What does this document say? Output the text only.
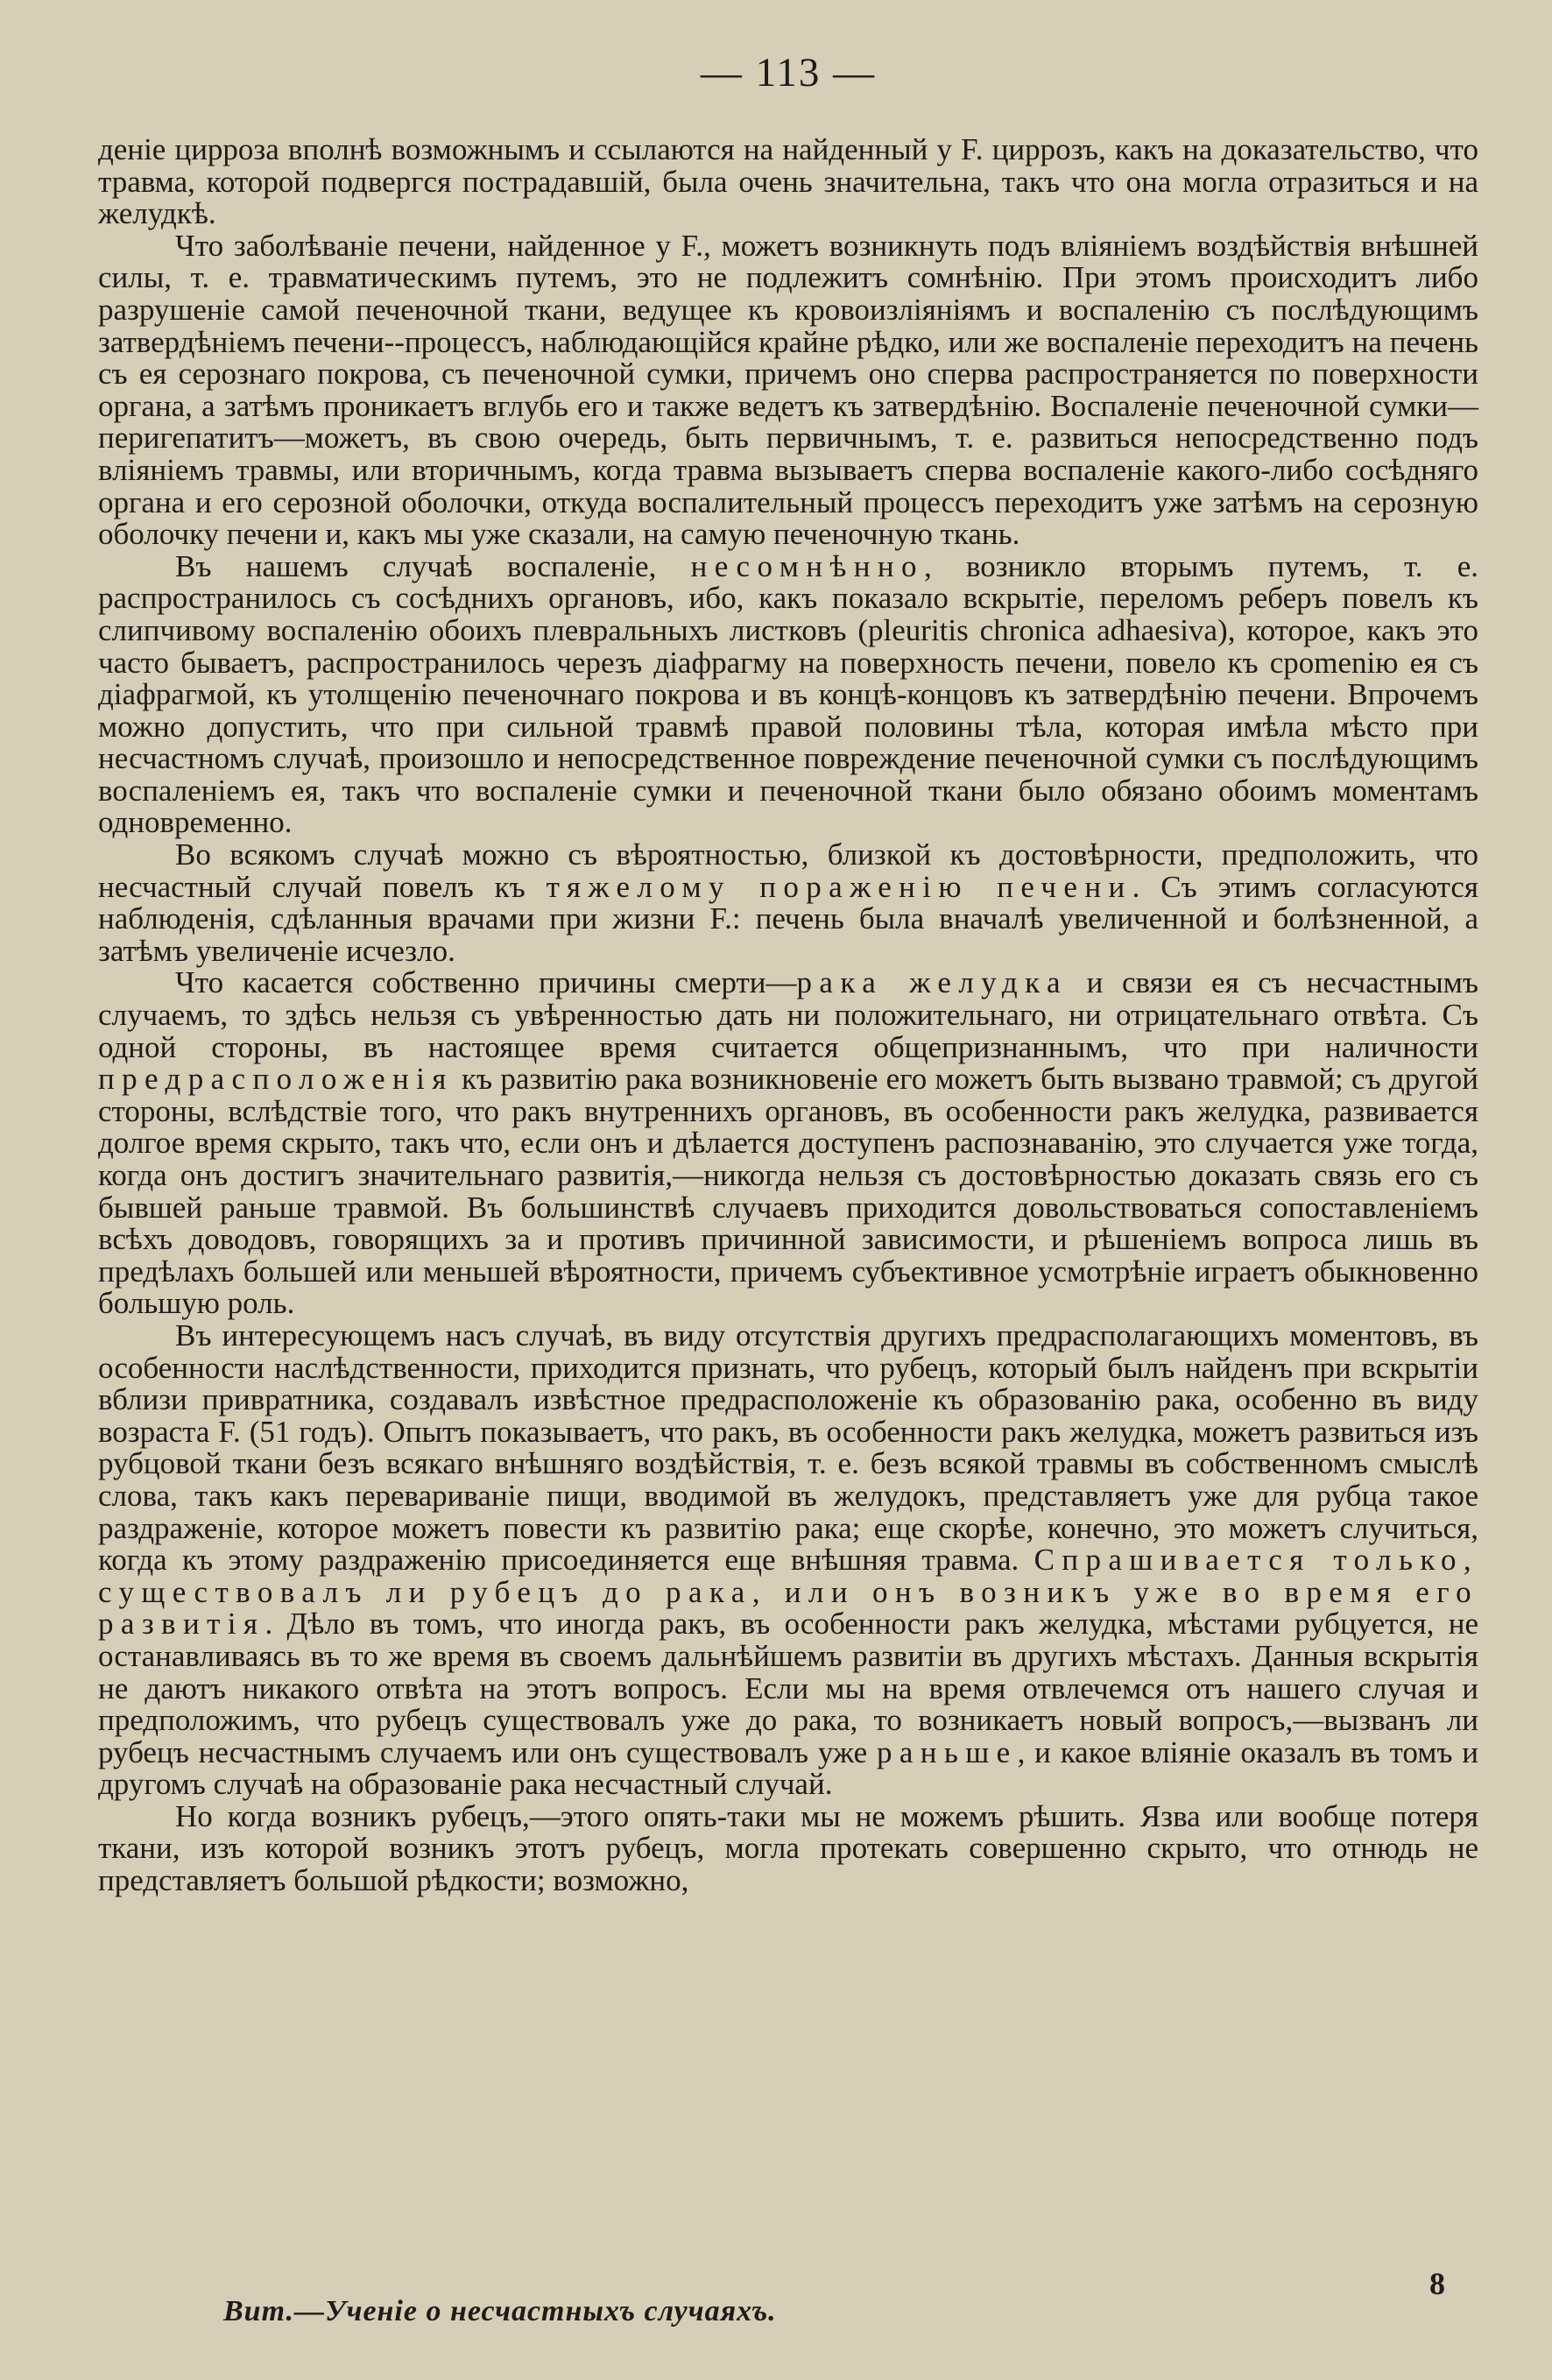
— 113 —

деніе цирроза вполнѣ возможнымъ и ссылаются на найденный у F. циррозъ, какъ на доказательство, что травма, которой подвергся пострадавшій, была очень значительна, такъ что она могла отразиться и на желудкѣ.

Что заболѣваніе печени, найденное у F., можетъ возникнуть подъ вліяніемъ воздѣйствія внѣшней силы, т. е. травматическимъ путемъ, это не подлежитъ сомнѣнію. При этомъ происходитъ либо разрушеніе самой печеночной ткани, ведущее къ кровоизліяніямъ и воспаленію съ послѣдующимъ затвердѣніемъ печени--процессъ, наблюдающійся крайне рѣдко, или же воспаленіе переходитъ на печень съ ея серознаго покрова, съ печеночной сумки, причемъ оно сперва распространяется по поверхности органа, а затѣмъ проникаетъ вглубь его и также ведетъ къ затвердѣнію. Воспаленіе печеночной сумки—перигепатитъ—можетъ, въ свою очередь, быть первичнымъ, т. е. развиться непосредственно подъ вліяніемъ травмы, или вторичнымъ, когда травма вызываетъ сперва воспаленіе какого-либо сосѣдняго органа и его серозной оболочки, откуда воспалительный процессъ переходитъ уже затѣмъ на серозную оболочку печени и, какъ мы уже сказали, на самую печеночную ткань.

Въ нашемъ случаѣ воспаленіе, несомнѣнно, возникло вторымъ путемъ, т. е. распространилось съ сосѣднихъ органовъ, ибо, какъ показало вскрытіе, переломъ реберъ повелъ къ слипчивому воспаленію обоихъ плевральныхъ листковъ (pleuritis chronica adhaesiva), которое, какъ это часто бываетъ, распространилось черезъ діафрагму на поверхность печени, повело къ сроmenію ея съ діафрагмой, къ утолщенію печеночнаго покрова и въ концѣ-концовъ къ затвердѣнію печени. Впрочемъ можно допустить, что при сильной травмѣ правой половины тѣла, которая имѣла мѣсто при несчастномъ случаѣ, произошло и непосредственное повреждение печеночной сумки съ послѣдующимъ воспаленіемъ ея, такъ что воспаленіе сумки и печеночной ткани было обязано обоимъ моментамъ одновременно.

Во всякомъ случаѣ можно съ вѣроятностью, близкой къ достовѣрности, предположить, что несчастный случай повелъ къ тяжелому пораженію печени. Съ этимъ согласуются наблюденія, сдѣланныя врачами при жизни F.: печень была вначалѣ увеличенной и болѣзненной, а затѣмъ увеличеніе исчезло.

Что касается собственно причины смерти—рака желудка и связи ея съ несчастнымъ случаемъ, то здѣсь нельзя съ увѣренностью дать ни положительнаго, ни отрицательнаго отвѣта. Съ одной стороны, въ настоящее время считается общепризнаннымъ, что при наличности предрасположенія къ развитію рака возникновеніе его можетъ быть вызвано травмой; съ другой стороны, вслѣдствіе того, что ракъ внутреннихъ органовъ, въ особенности ракъ желудка, развивается долгое время скрыто, такъ что, если онъ и дѣлается доступенъ распознаванію, это случается уже тогда, когда онъ достигъ значительнаго развитія,—никогда нельзя съ достовѣрностью доказать связь его съ бывшей раньше травмой. Въ большинствѣ случаевъ приходится довольствоваться сопоставленіемъ всѣхъ доводовъ, говорящихъ за и противъ причинной зависимости, и рѣшеніемъ вопроса лишь въ предѣлахъ большей или меньшей вѣроятности, причемъ субъективное усмотрѣніе играетъ обыкновенно большую роль.

Въ интересующемъ насъ случаѣ, въ виду отсутствія другихъ предрасполагающихъ моментовъ, въ особенности наслѣдственности, приходится признать, что рубецъ, который былъ найденъ при вскрытіи вблизи привратника, создавалъ извѣстное предрасположеніе къ образованію рака, особенно въ виду возраста F. (51 годъ). Опытъ показываетъ, что ракъ, въ особенности ракъ желудка, можетъ развиться изъ рубцовой ткани безъ всякаго внѣшняго воздѣйствія, т. е. безъ всякой травмы въ собственномъ смыслѣ слова, такъ какъ перевариваніе пищи, вводимой въ желудокъ, представляетъ уже для рубца такое раздраженіе, которое можетъ повести къ развитію рака; еще скорѣе, конечно, это можетъ случиться, когда къ этому раздраженію присоединяется еще внѣшняя травма. Спрашивается только, существовалъ ли рубецъ до рака, или онъ возникъ уже во время его развитія. Дѣло въ томъ, что иногда ракъ, въ особенности ракъ желудка, мѣстами рубцуется, не останавливаясь въ то же время въ своемъ дальнѣйшемъ развитіи въ другихъ мѣстахъ. Данныя вскрытія не даютъ никакого отвѣта на этотъ вопросъ. Если мы на время отвлечемся отъ нашего случая и предположимъ, что рубецъ существовалъ уже до рака, то возникаетъ новый вопросъ,—вызванъ ли рубецъ несчастнымъ случаемъ или онъ существовалъ уже раньше, и какое вліяніе оказалъ въ томъ и другомъ случаѣ на образованіе рака несчастный случай.

Но когда возникъ рубецъ,—этого опять-таки мы не можемъ рѣшить. Язва или вообще потеря ткани, изъ которой возникъ этотъ рубецъ, могла протекать совершенно скрыто, что отнюдь не представляетъ большой рѣдкости; возможно,

Вит.—Ученіе о несчастныхъ случаяхъ.
8
